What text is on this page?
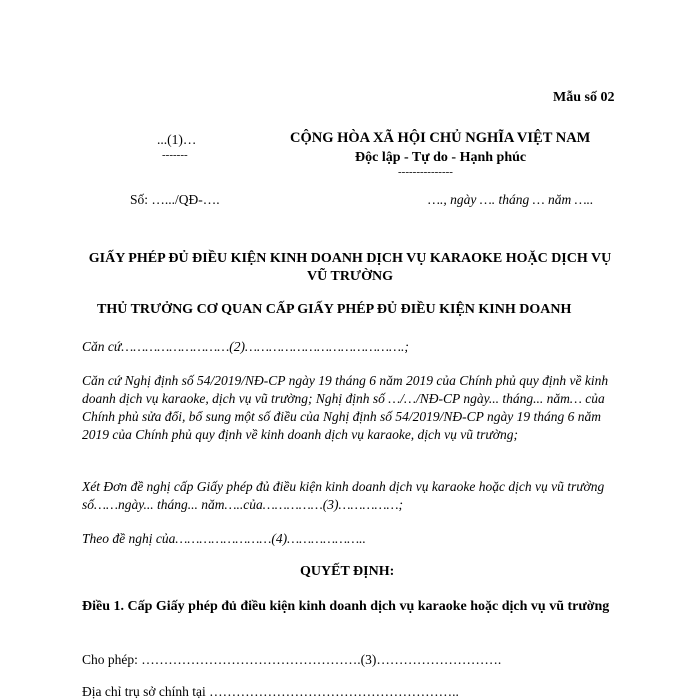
Mẫu số 02
...(1)…
-------
Số: ….../QĐ-….
CỘNG HÒA XÃ HỘI CHỦ NGHĨA VIỆT NAM
Độc lập - Tự do - Hạnh phúc
---------------
…., ngày …. tháng … năm …..
GIẤY PHÉP ĐỦ ĐIỀU KIỆN KINH DOANH DỊCH VỤ KARAOKE HOẶC DỊCH VỤ VŨ TRƯỜNG
THỦ TRƯỞNG CƠ QUAN CẤP GIẤY PHÉP ĐỦ ĐIỀU KIỆN KINH DOANH
Căn cứ………………………(2)………………………………….;
Căn cứ Nghị định số 54/2019/NĐ-CP ngày 19 tháng 6 năm 2019 của Chính phủ quy định về kinh doanh dịch vụ karaoke, dịch vụ vũ trường; Nghị định số …/…/NĐ-CP ngày... tháng... năm… của Chính phủ sửa đổi, bổ sung một số điều của Nghị định số 54/2019/NĐ-CP ngày 19 tháng 6 năm 2019 của Chính phủ quy định về kinh doanh dịch vụ karaoke, dịch vụ vũ trường;
Xét Đơn đề nghị cấp Giấy phép đủ điều kiện kinh doanh dịch vụ karaoke hoặc dịch vụ vũ trường số……ngày... tháng... năm…..của……………(3)……………;
Theo đề nghị của……………………(4)………………..
QUYẾT ĐỊNH:
Điều 1. Cấp Giấy phép đủ điều kiện kinh doanh dịch vụ karaoke hoặc dịch vụ vũ trường
Cho phép: ………………………………………….(3)……………………….
Địa chỉ trụ sở chính tại ………………………………………………..
